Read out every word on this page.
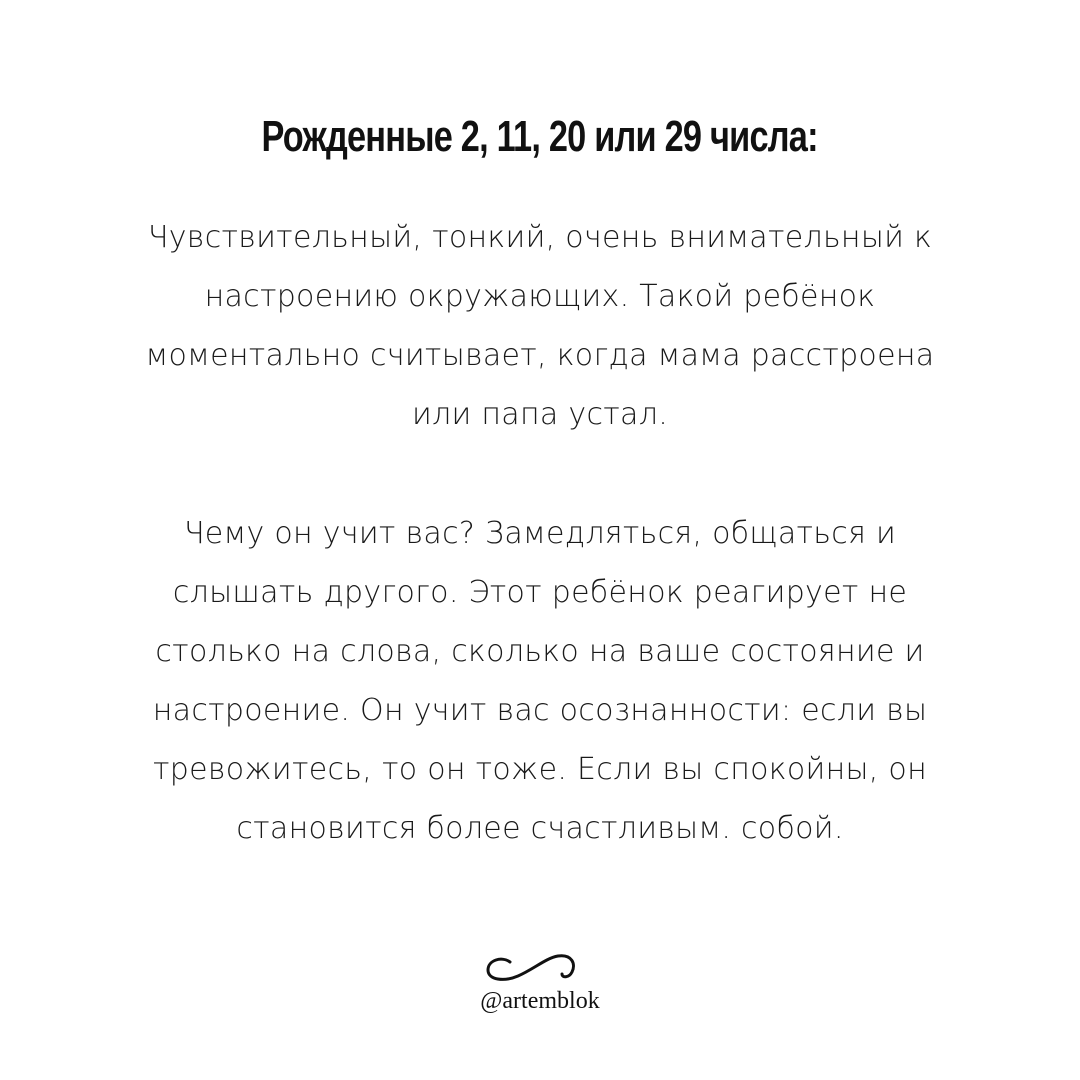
Рожденные 2, 11, 20 или 29 числа:
Чувствительный, тонкий, очень внимательный к
настроению окружающих. Такой ребёнок
моментально считывает, когда мама расстроена
или папа устал.
Чему он учит вас? Замедляться, общаться и
слышать другого. Этот ребёнок реагирует не
столько на слова, сколько на ваше состояние и
настроение. Он учит вас осознанности: если вы
тревожитесь, то он тоже. Если вы спокойны, он
становится более счастливым. собой.
@artemblok
